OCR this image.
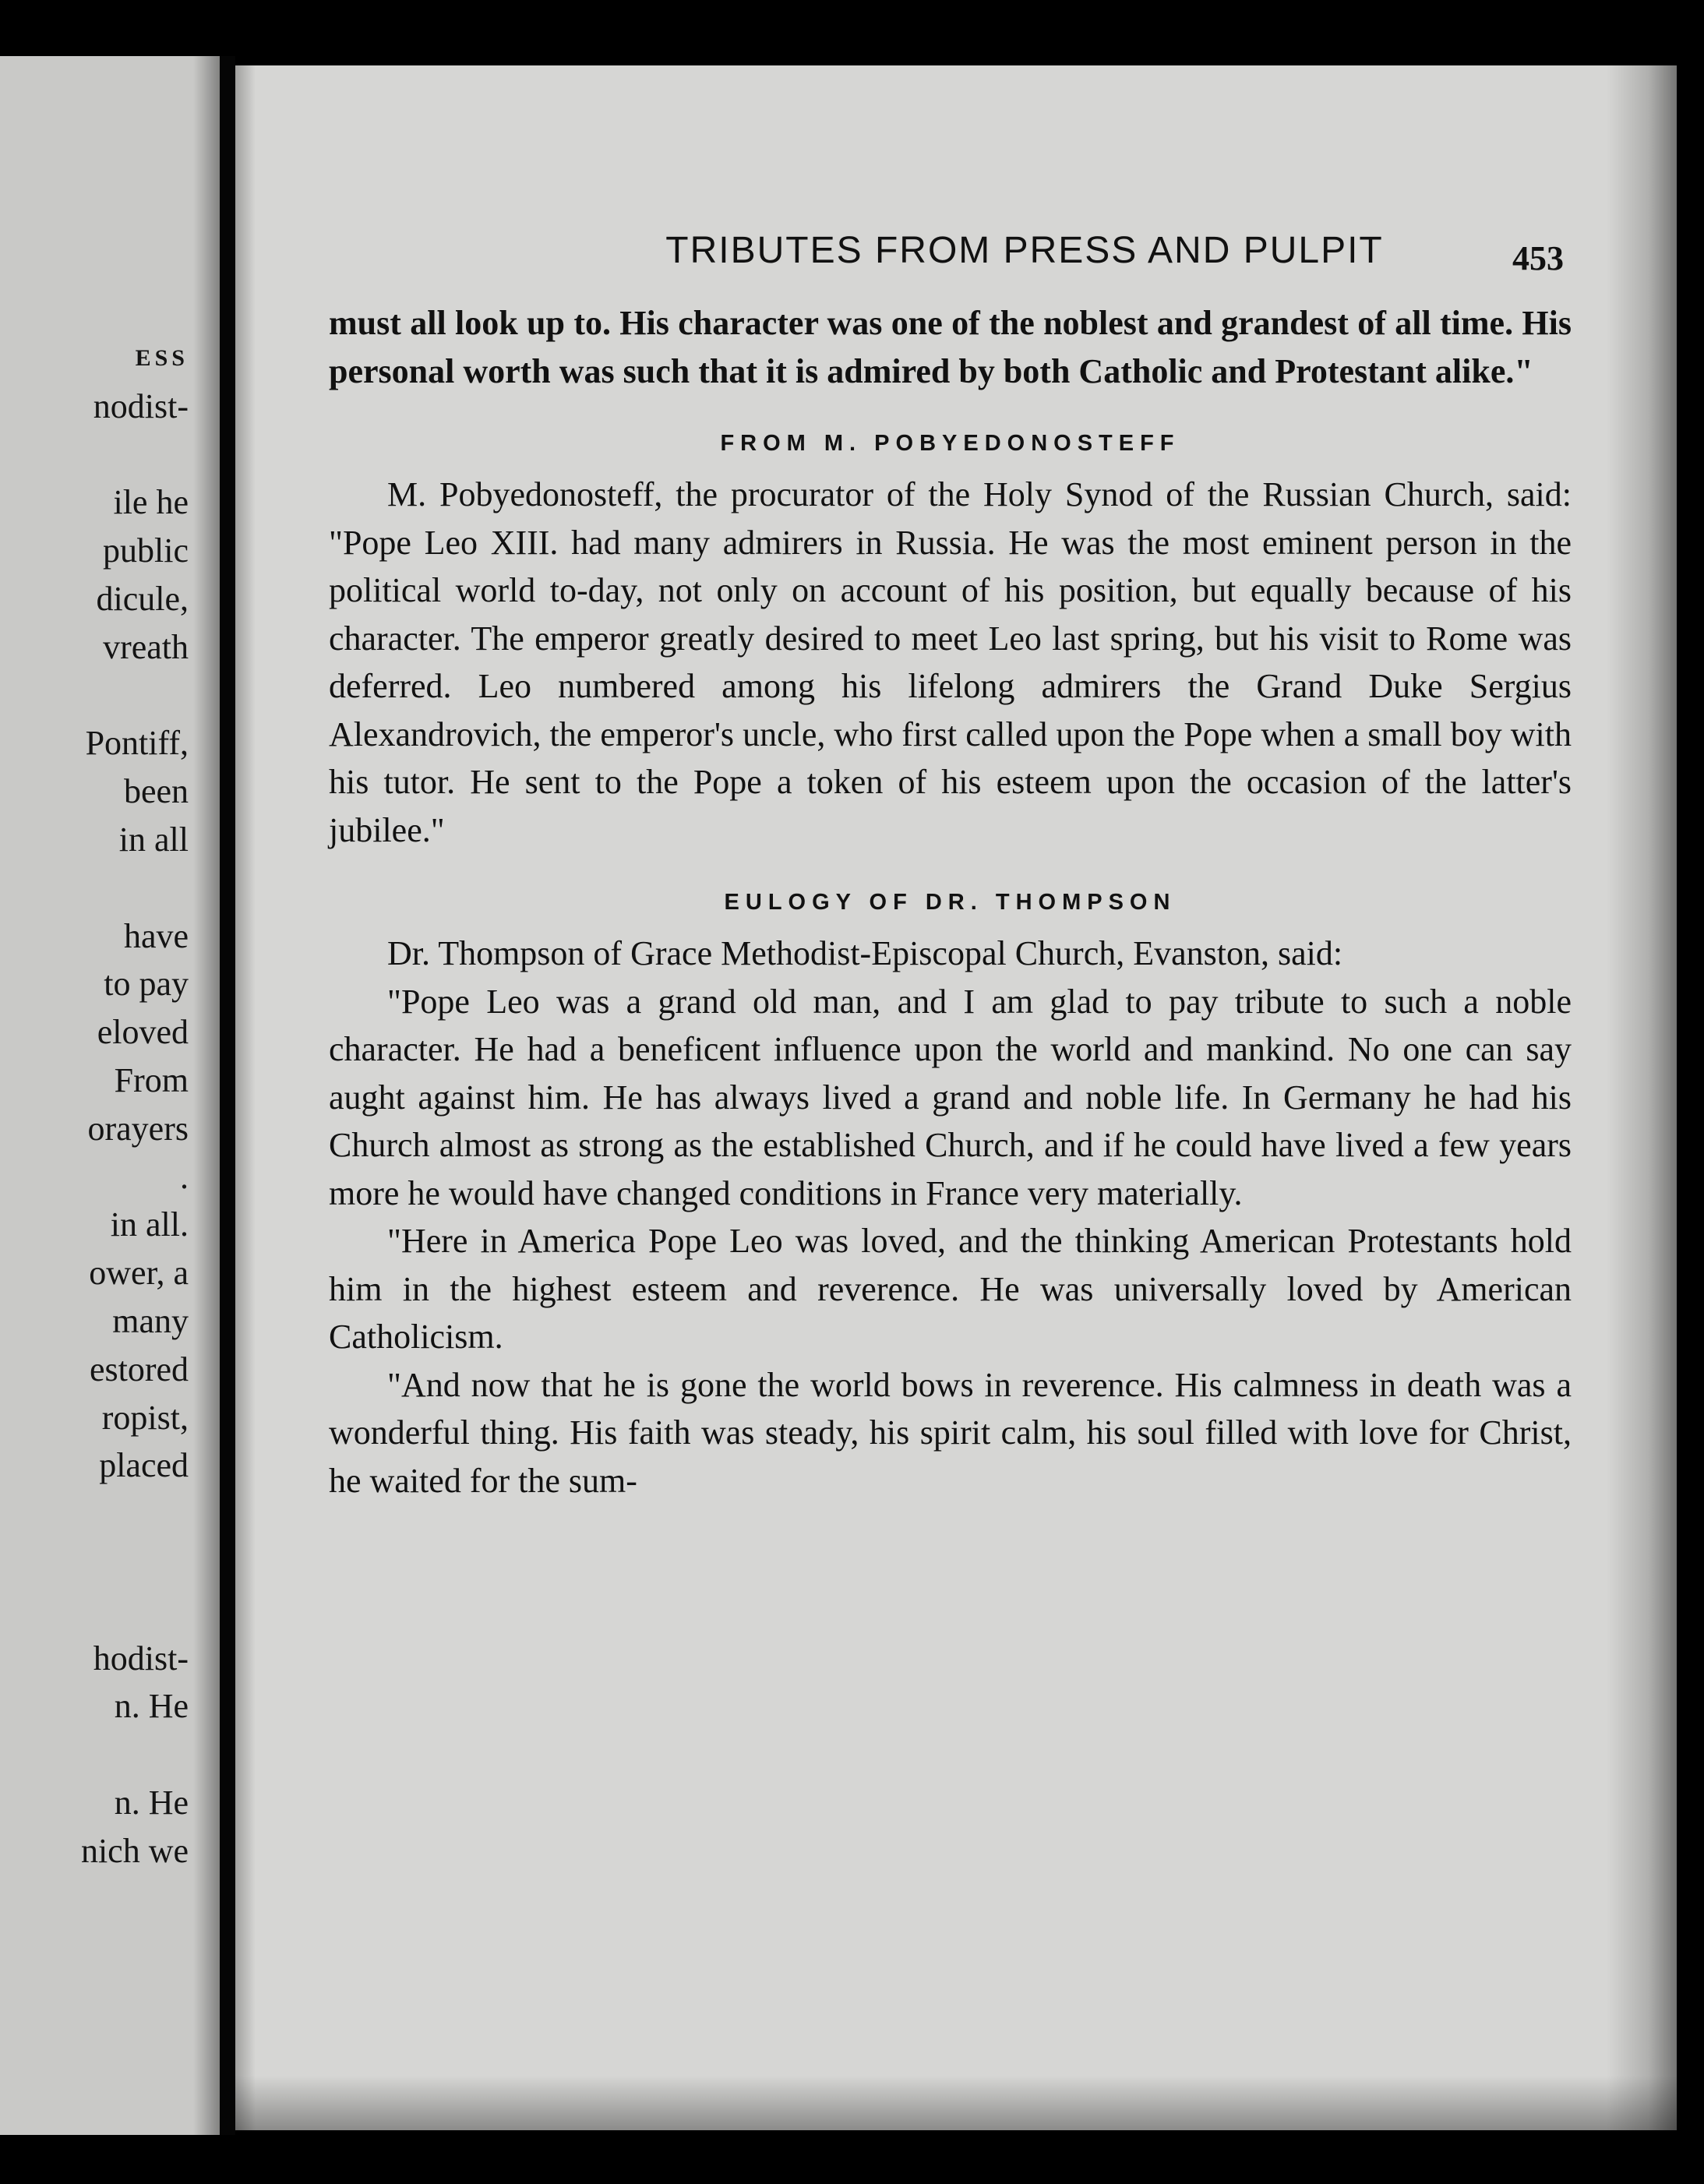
ESS
nodist-
ile he
public
dicule,
vreath
Pontiff,
been
in all
have
to pay
eloved
From
orayers
.
in all.
ower, a
many
estored
ropist,
placed
hodist-
n. He
n. He
nich we
TRIBUTES FROM PRESS AND PULPIT	453

must all look up to. His character was one of the noblest and grandest of all time. His personal worth was such that it is admired by both Catholic and Protestant alike."

FROM M. POBYEDONOSTEFF

M. Pobyedonosteff, the procurator of the Holy Synod of the Russian Church, said: "Pope Leo XIII. had many admirers in Russia. He was the most eminent person in the political world to-day, not only on account of his position, but equally because of his character. The emperor greatly desired to meet Leo last spring, but his visit to Rome was deferred. Leo numbered among his lifelong admirers the Grand Duke Sergius Alexandrovich, the emperor's uncle, who first called upon the Pope when a small boy with his tutor. He sent to the Pope a token of his esteem upon the occasion of the latter's jubilee."

EULOGY OF DR. THOMPSON

Dr. Thompson of Grace Methodist-Episcopal Church, Evanston, said:

"Pope Leo was a grand old man, and I am glad to pay tribute to such a noble character. He had a beneficent influence upon the world and mankind. No one can say aught against him. He has always lived a grand and noble life. In Germany he had his Church almost as strong as the established Church, and if he could have lived a few years more he would have changed conditions in France very materially.

"Here in America Pope Leo was loved, and the thinking American Protestants hold him in the highest esteem and reverence. He was universally loved by American Catholicism.

"And now that he is gone the world bows in reverence. His calmness in death was a wonderful thing. His faith was steady, his spirit calm, his soul filled with love for Christ, he waited for the sum-
